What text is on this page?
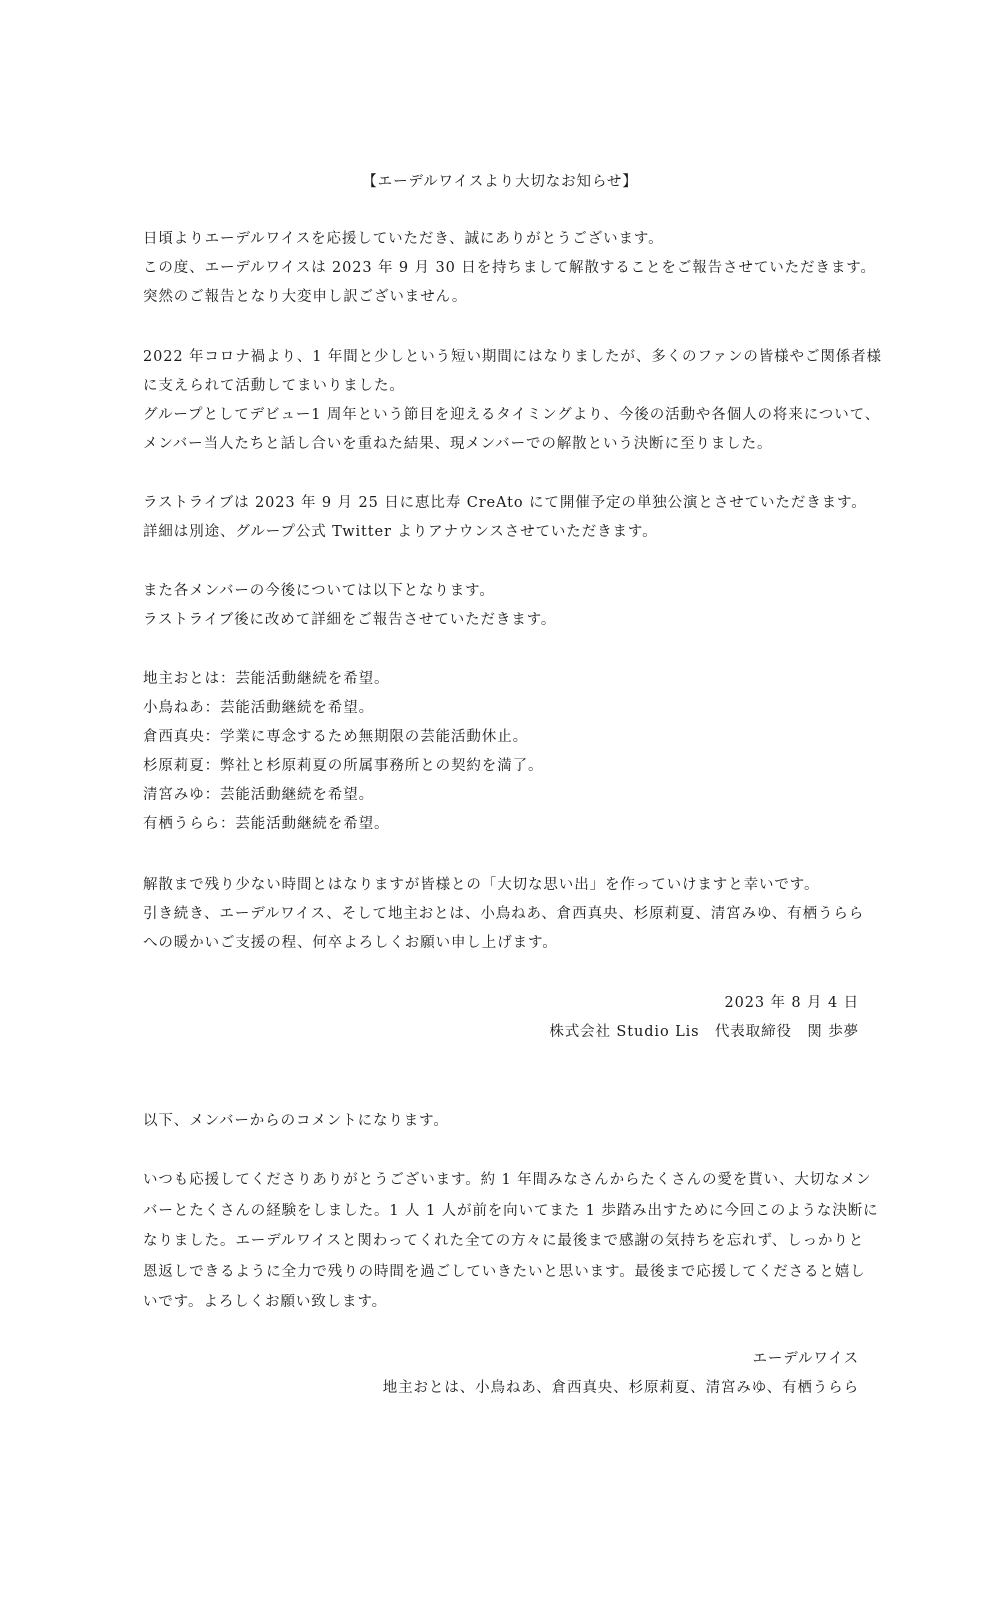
【エーデルワイスより大切なお知らせ】
日頃よりエーデルワイスを応援していただき、誠にありがとうございます。
この度、エーデルワイスは 2023 年 9 月 30 日を持ちまして解散することをご報告させていただきます。
突然のご報告となり大変申し訳ございません。
2022 年コロナ禍より、1 年間と少しという短い期間にはなりましたが、多くのファンの皆様やご関係者様
に支えられて活動してまいりました。
グループとしてデビュー1 周年という節目を迎えるタイミングより、今後の活動や各個人の将来について、
メンバー当人たちと話し合いを重ねた結果、現メンバーでの解散という決断に至りました。
ラストライブは 2023 年 9 月 25 日に恵比寿 CreAto にて開催予定の単独公演とさせていただきます。
詳細は別途、グループ公式 Twitter よりアナウンスさせていただきます。
また各メンバーの今後については以下となります。
ラストライブ後に改めて詳細をご報告させていただきます。
地主おとは：芸能活動継続を希望。
小鳥ねあ：芸能活動継続を希望。
倉西真央：学業に専念するため無期限の芸能活動休止。
杉原莉夏：弊社と杉原莉夏の所属事務所との契約を満了。
清宮みゆ：芸能活動継続を希望。
有栖うらら：芸能活動継続を希望。
解散まで残り少ない時間とはなりますが皆様との「大切な思い出」を作っていけますと幸いです。
引き続き、エーデルワイス、そして地主おとは、小鳥ねあ、倉西真央、杉原莉夏、清宮みゆ、有栖うらら
への暖かいご支援の程、何卒よろしくお願い申し上げます。
2023 年 8 月 4 日
株式会社 Studio Lis　代表取締役　関 歩夢
以下、メンバーからのコメントになります。
いつも応援してくださりありがとうございます。約 1 年間みなさんからたくさんの愛を貰い、大切なメン
バーとたくさんの経験をしました。1 人 1 人が前を向いてまた 1 歩踏み出すために今回このような決断に
なりました。エーデルワイスと関わってくれた全ての方々に最後まで感謝の気持ちを忘れず、しっかりと
恩返しできるように全力で残りの時間を過ごしていきたいと思います。最後まで応援してくださると嬉し
いです。よろしくお願い致します。
エーデルワイス
地主おとは、小鳥ねあ、倉西真央、杉原莉夏、清宮みゆ、有栖うらら
